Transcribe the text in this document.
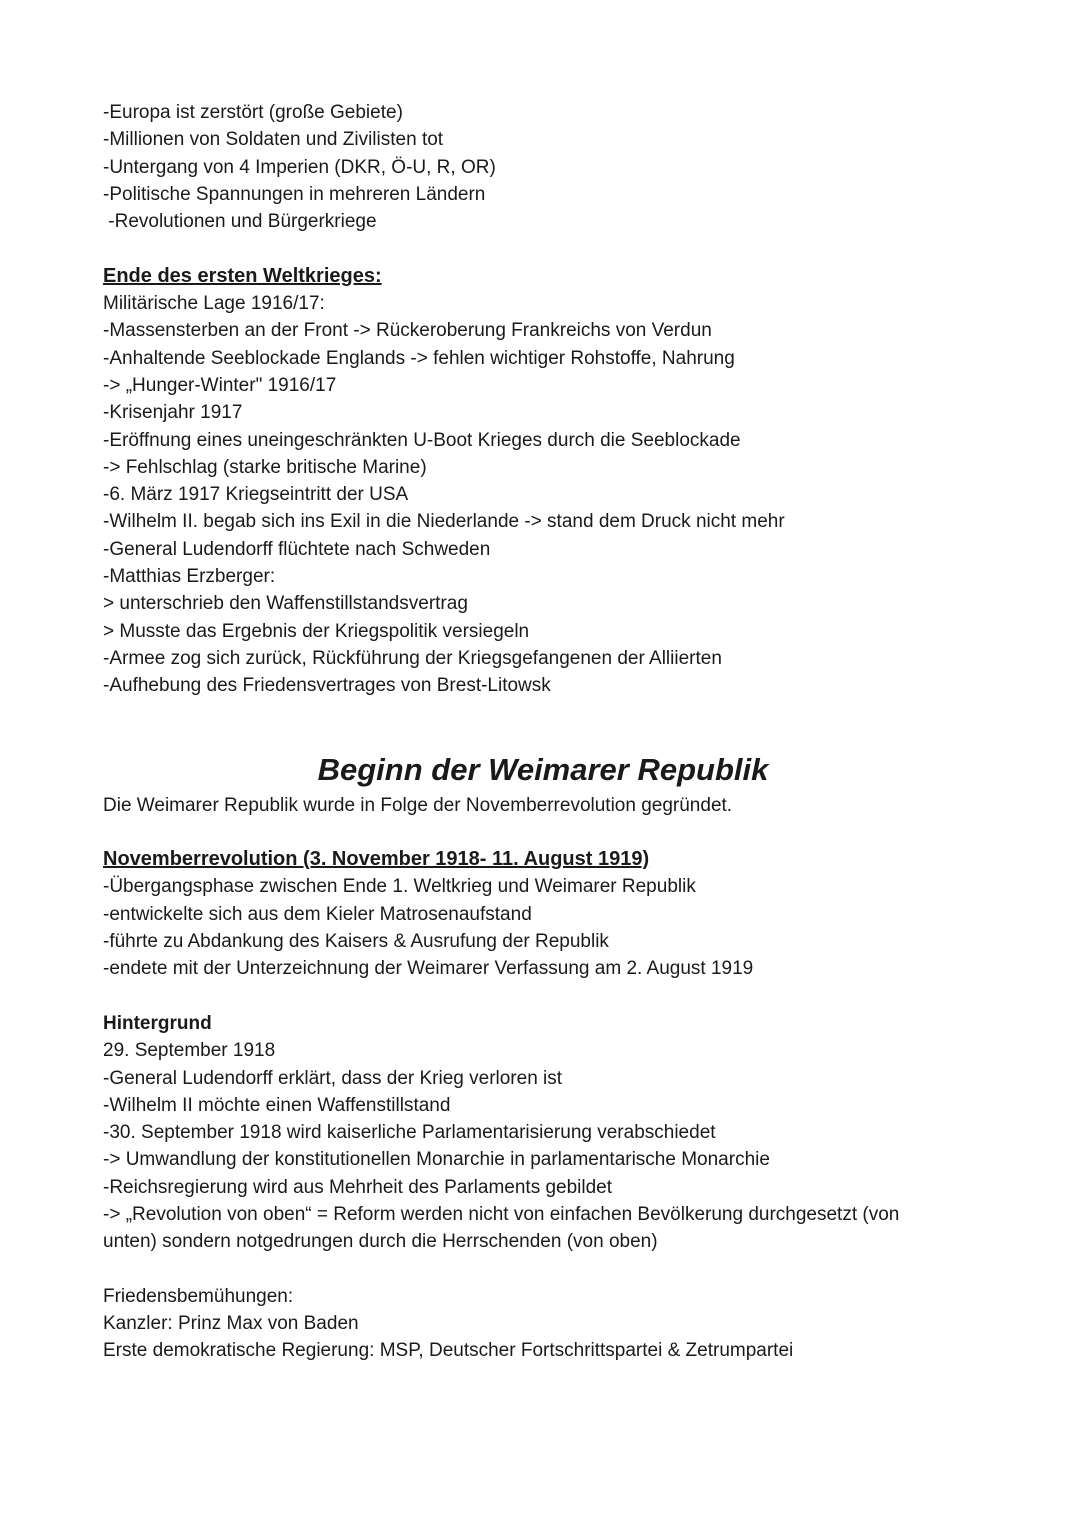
-Europa ist zerstört (große Gebiete)

-Millionen von Soldaten und Zivilisten tot

-Untergang von 4 Imperien (DKR, Ö-U, R, OR)

-Politische Spannungen in mehreren Ländern

-Revolutionen und Bürgerkriege

Ende des ersten Weltkrieges:

Militärische Lage 1916/17:

-Massensterben an der Front -> Rückeroberung Frankreichs von Verdun

-Anhaltende Seeblockade Englands -> fehlen wichtiger Rohstoffe, Nahrung

-> „Hunger-Winter" 1916/17

-Krisenjahr 1917

-Eröffnung eines uneingeschränkten U-Boot Krieges durch die Seeblockade

-> Fehlschlag (starke britische Marine)

-6. März 1917 Kriegseintritt der USA

-Wilhelm II. begab sich ins Exil in die Niederlande -> stand dem Druck nicht mehr

-General Ludendorff flüchtete nach Schweden

-Matthias Erzberger:

> unterschrieb den Waffenstillstandsvertrag

> Musste das Ergebnis der Kriegspolitik versiegeln

-Armee zog sich zurück, Rückführung der Kriegsgefangenen der Alliierten

-Aufhebung des Friedensvertrages von Brest-Litowsk

Beginn der Weimarer Republik

Die Weimarer Republik wurde in Folge der Novemberrevolution gegründet.

Novemberrevolution (3. November 1918- 11. August 1919)

-Übergangsphase zwischen Ende 1. Weltkrieg und Weimarer Republik

-entwickelte sich aus dem Kieler Matrosenaufstand

-führte zu Abdankung des Kaisers & Ausrufung der Republik

-endete mit der Unterzeichnung der Weimarer Verfassung am 2. August 1919

Hintergrund

29. September 1918

-General Ludendorff erklärt, dass der Krieg verloren ist

-Wilhelm II möchte einen Waffenstillstand

-30. September 1918 wird kaiserliche Parlamentarisierung verabschiedet

-> Umwandlung der konstitutionellen Monarchie in parlamentarische Monarchie

-Reichsregierung wird aus Mehrheit des Parlaments gebildet

-> „Revolution von oben“ = Reform werden nicht von einfachen Bevölkerung durchgesetzt (von unten) sondern notgedrungen durch die Herrschenden (von oben)

Friedensbemühungen:

Kanzler: Prinz Max von Baden

Erste demokratische Regierung: MSP, Deutscher Fortschrittspartei & Zetrumpartei
